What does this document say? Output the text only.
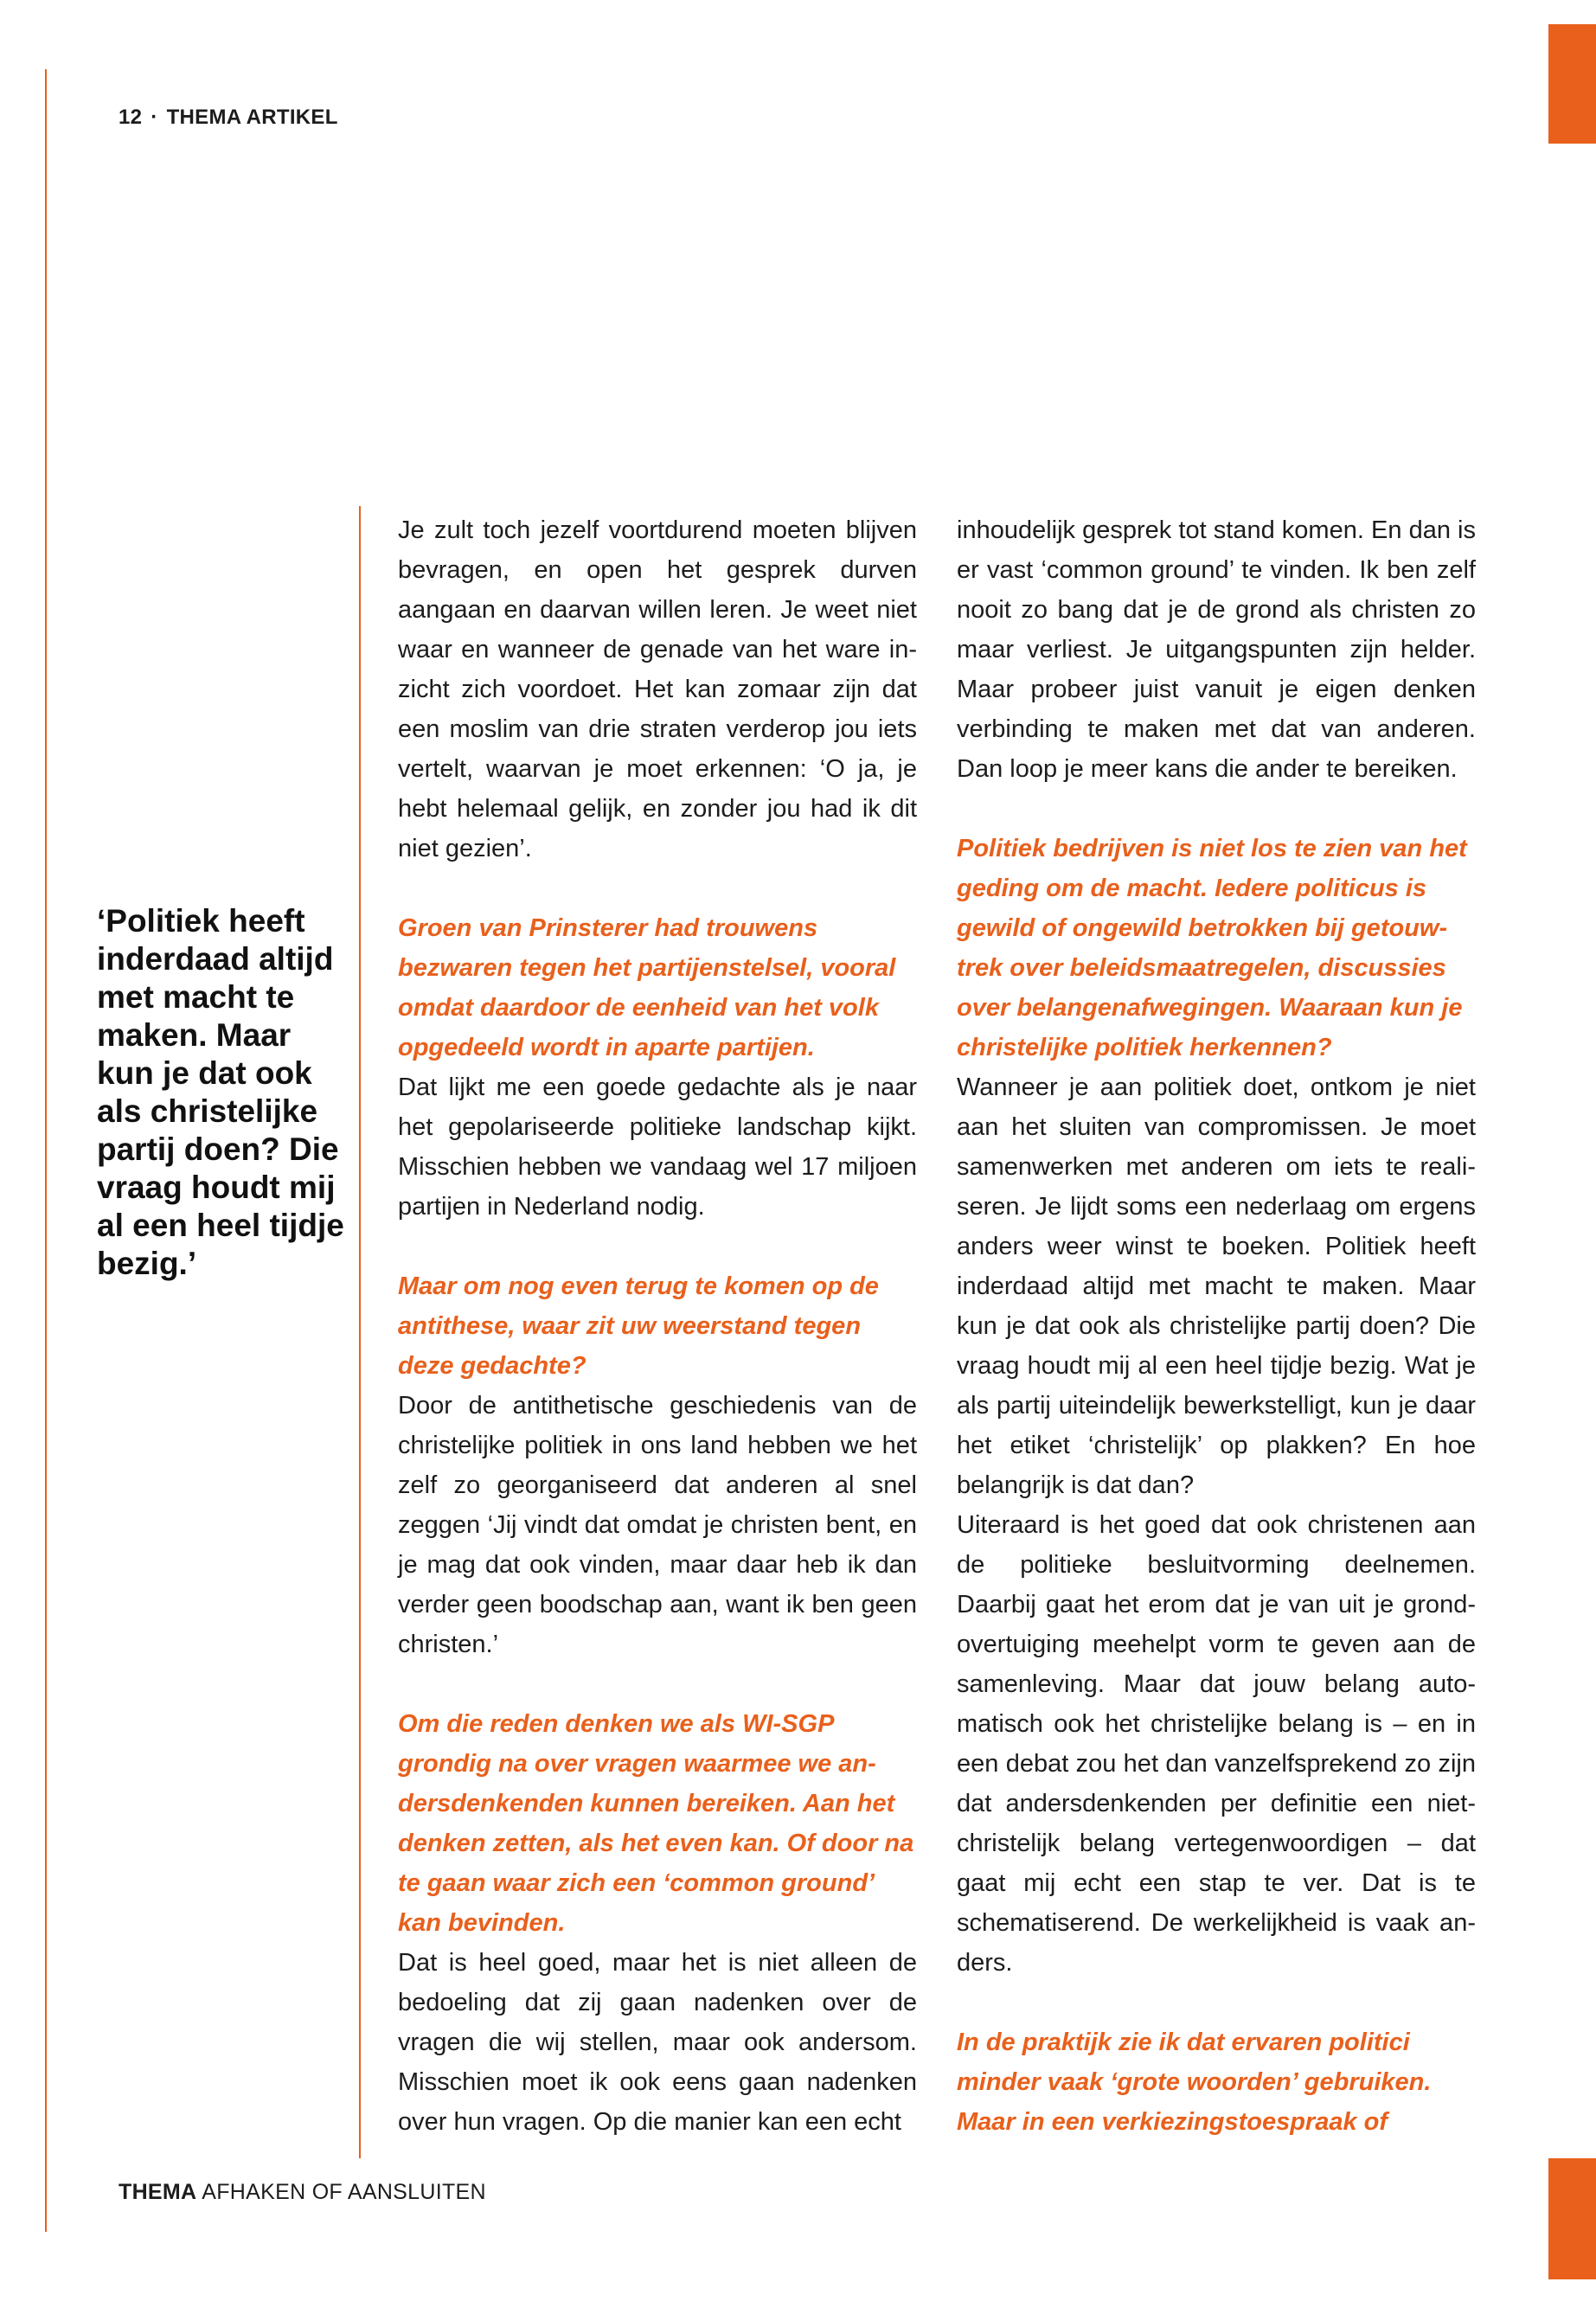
12 · THEMA ARTIKEL
‘Politiek heeft inderdaad altijd met macht te maken. Maar kun je dat ook als christelijke partij doen? Die vraag houdt mij al een heel tijdje bezig.’

Je zult toch jezelf voortdurend moeten blijven bevragen, en open het gesprek durven aangaan en daarvan willen leren. Je weet niet waar en wanneer de genade van het ware inzicht zich voordoet. Het kan zomaar zijn dat een moslim van drie straten verderop jou iets vertelt, waarvan je moet erkennen: ‘O ja, je hebt helemaal gelijk, en zonder jou had ik dit niet gezien’.

Groen van Prinsterer had trouwens bezwaren tegen het partijenstelsel, vooral omdat daardoor de eenheid van het volk opgedeeld wordt in aparte partijen.

Dat lijkt me een goede gedachte als je naar het gepolariseerde politieke landschap kijkt. Misschien hebben we vandaag wel 17 miljoen partijen in Nederland nodig.

Maar om nog even terug te komen op de antithese, waar zit uw weerstand tegen deze gedachte?

Door de antithetische geschiedenis van de christelijke politiek in ons land hebben we het zelf zo georganiseerd dat anderen al snel zeggen ‘Jij vindt dat omdat je christen bent, en je mag dat ook vinden, maar daar heb ik dan verder geen boodschap aan, want ik ben geen christen.’

Om die reden denken we als WI-SGP grondig na over vragen waarmee we andersdenkenden kunnen bereiken. Aan het denken zetten, als het even kan. Of door na te gaan waar zich een ‘common ground’ kan bevinden.

Dat is heel goed, maar het is niet alleen de bedoeling dat zij gaan nadenken over de vragen die wij stellen, maar ook andersom. Misschien moet ik ook eens gaan nadenken over hun vragen. Op die manier kan een echt

inhoudelijk gesprek tot stand komen. En dan is er vast ‘common ground’ te vinden. Ik ben zelf nooit zo bang dat je de grond als christen zo maar verliest. Je uitgangspunten zijn helder. Maar probeer juist vanuit je eigen denken verbinding te maken met dat van anderen. Dan loop je meer kans die ander te bereiken.

Politiek bedrijven is niet los te zien van het geding om de macht. Iedere politicus is gewild of ongewild betrokken bij getouwtrek over beleidsmaatregelen, discussies over belangenafwegingen. Waaraan kun je christelijke politiek herkennen?

Wanneer je aan politiek doet, ontkom je niet aan het sluiten van compromissen. Je moet samenwerken met anderen om iets te realiseren. Je lijdt soms een nederlaag om ergens anders weer winst te boeken. Politiek heeft inderdaad altijd met macht te maken. Maar kun je dat ook als christelijke partij doen? Die vraag houdt mij al een heel tijdje bezig. Wat je als partij uiteindelijk bewerkstelligt, kun je daar het etiket ‘christelijk’ op plakken? En hoe belangrijk is dat dan?

Uiteraard is het goed dat ook christenen aan de politieke besluitvorming deelnemen. Daarbij gaat het erom dat je van uit je grondovertuiging meehelpt vorm te geven aan de samenleving. Maar dat jouw belang automatisch ook het christelijke belang is – en in een debat zou het dan vanzelfsprekend zo zijn dat andersdenkenden per definitie een niet-christelijk belang vertegenwoordigen – dat gaat mij echt een stap te ver. Dat is te schematiserend. De werkelijkheid is vaak anders.

In de praktijk zie ik dat ervaren politici minder vaak ‘grote woorden’ gebruiken. Maar in een verkiezingstoespraak of

THEMA AFHAKEN OF AANSLUITEN
